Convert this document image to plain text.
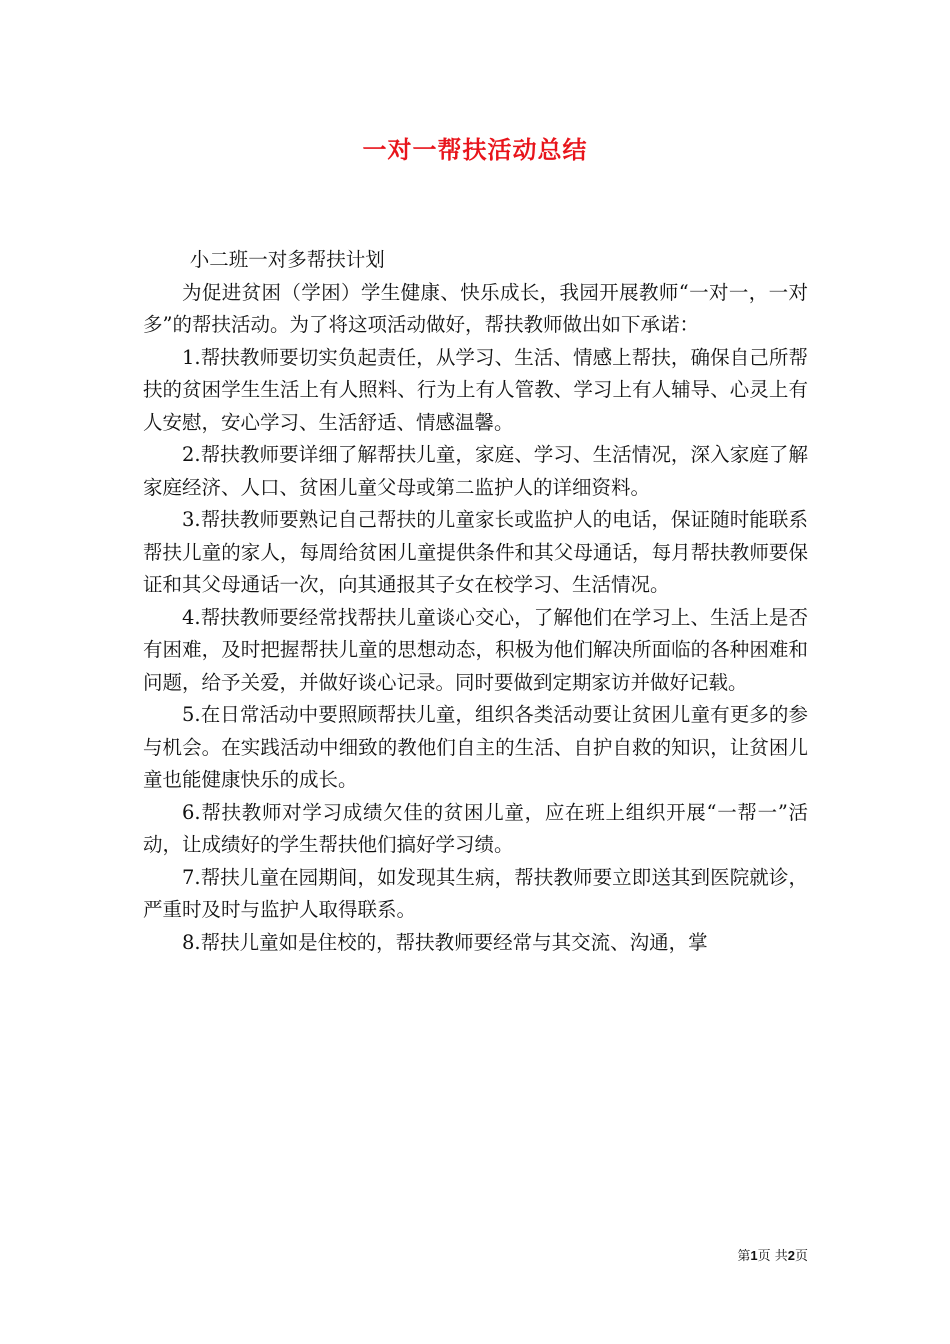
一对一帮扶活动总结

小二班一对多帮扶计划

为促进贫困（学困）学生健康、快乐成长，我园开展教师“一对一，一对多”的帮扶活动。为了将这项活动做好，帮扶教师做出如下承诺：

1.帮扶教师要切实负起责任，从学习、生活、情感上帮扶，确保自己所帮扶的贫困学生生活上有人照料、行为上有人管教、学习上有人辅导、心灵上有人安慰，安心学习、生活舒适、情感温馨。

2.帮扶教师要详细了解帮扶儿童，家庭、学习、生活情况，深入家庭了解家庭经济、人口、贫困儿童父母或第二监护人的详细资料。

3.帮扶教师要熟记自己帮扶的儿童家长或监护人的电话，保证随时能联系帮扶儿童的家人，每周给贫困儿童提供条件和其父母通话，每月帮扶教师要保证和其父母通话一次，向其通报其子女在校学习、生活情况。

4.帮扶教师要经常找帮扶儿童谈心交心，了解他们在学习上、生活上是否有困难，及时把握帮扶儿童的思想动态，积极为他们解决所面临的各种困难和问题，给予关爱，并做好谈心记录。同时要做到定期家访并做好记载。

5.在日常活动中要照顾帮扶儿童，组织各类活动要让贫困儿童有更多的参与机会。在实践活动中细致的教他们自主的生活、自护自救的知识，让贫困儿童也能健康快乐的成长。

6.帮扶教师对学习成绩欠佳的贫困儿童，应在班上组织开展“一帮一”活动，让成绩好的学生帮扶他们搞好学习绩。

7.帮扶儿童在园期间，如发现其生病，帮扶教师要立即送其到医院就诊，严重时及时与监护人取得联系。

8.帮扶儿童如是住校的，帮扶教师要经常与其交流、沟通，掌

第1页 共2页
